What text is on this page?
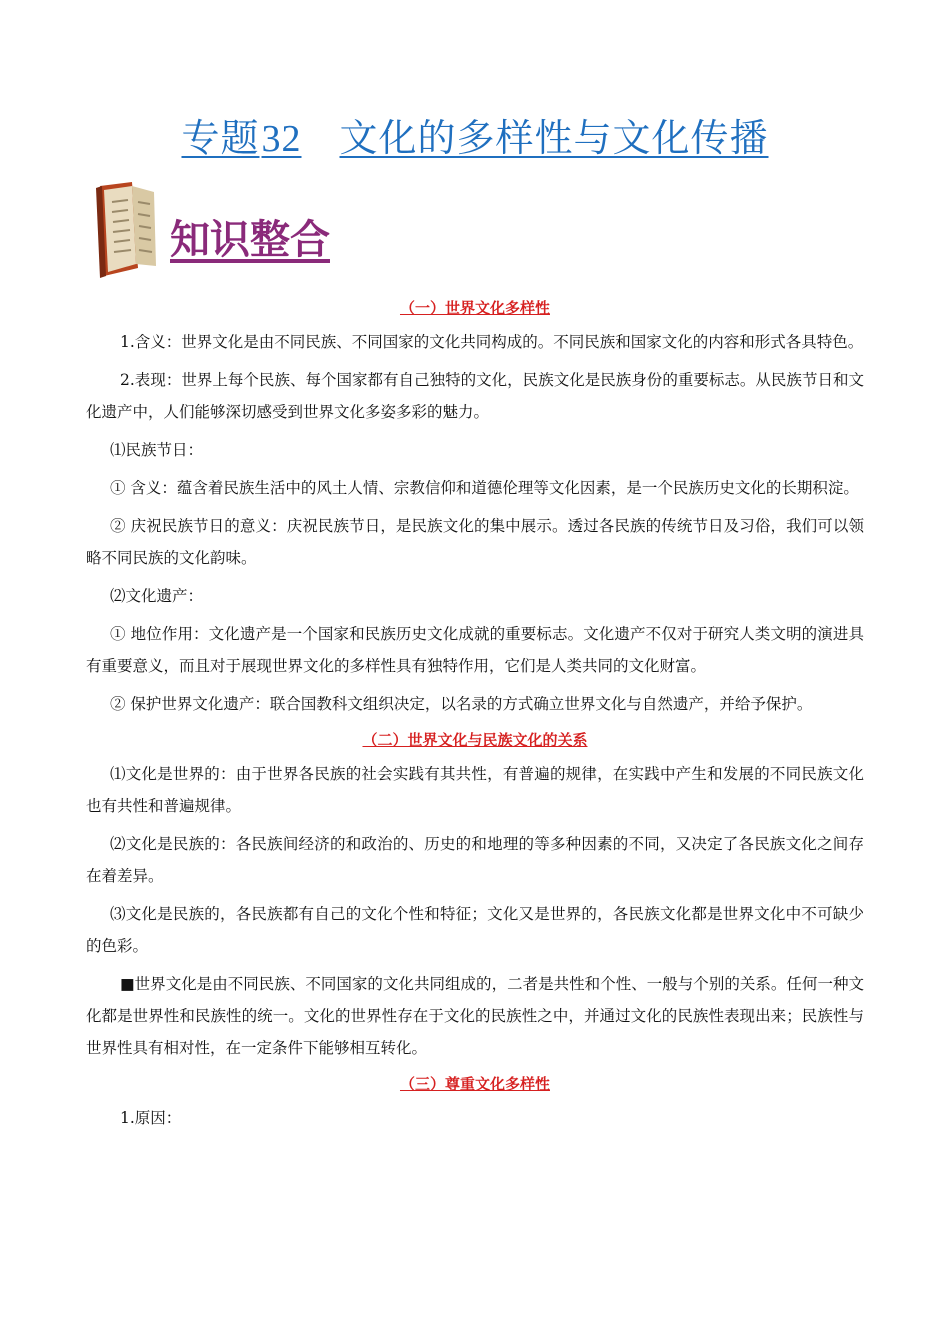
专题32 文化的多样性与文化传播
知识整合
（一）世界文化多样性

1.含义：世界文化是由不同民族、不同国家的文化共同构成的。不同民族和国家文化的内容和形式各具特色。

2.表现：世界上每个民族、每个国家都有自己独特的文化，民族文化是民族身份的重要标志。从民族节日和文化遗产中，人们能够深切感受到世界文化多姿多彩的魅力。

⑴民族节日：

① 含义：蕴含着民族生活中的风土人情、宗教信仰和道德伦理等文化因素，是一个民族历史文化的长期积淀。

② 庆祝民族节日的意义：庆祝民族节日，是民族文化的集中展示。透过各民族的传统节日及习俗，我们可以领略不同民族的文化韵味。

⑵文化遗产：

① 地位作用：文化遗产是一个国家和民族历史文化成就的重要标志。文化遗产不仅对于研究人类文明的演进具有重要意义，而且对于展现世界文化的多样性具有独特作用，它们是人类共同的文化财富。

② 保护世界文化遗产：联合国教科文组织决定，以名录的方式确立世界文化与自然遗产，并给予保护。

（二）世界文化与民族文化的关系

⑴文化是世界的：由于世界各民族的社会实践有其共性，有普遍的规律，在实践中产生和发展的不同民族文化也有共性和普遍规律。

⑵文化是民族的：各民族间经济的和政治的、历史的和地理的等多种因素的不同，又决定了各民族文化之间存在着差异。

⑶文化是民族的，各民族都有自己的文化个性和特征；文化又是世界的，各民族文化都是世界文化中不可缺少的色彩。

■世界文化是由不同民族、不同国家的文化共同组成的，二者是共性和个性、一般与个别的关系。任何一种文化都是世界性和民族性的统一。文化的世界性存在于文化的民族性之中，并通过文化的民族性表现出来；民族性与世界性具有相对性，在一定条件下能够相互转化。

（三）尊重文化多样性

1.原因：
